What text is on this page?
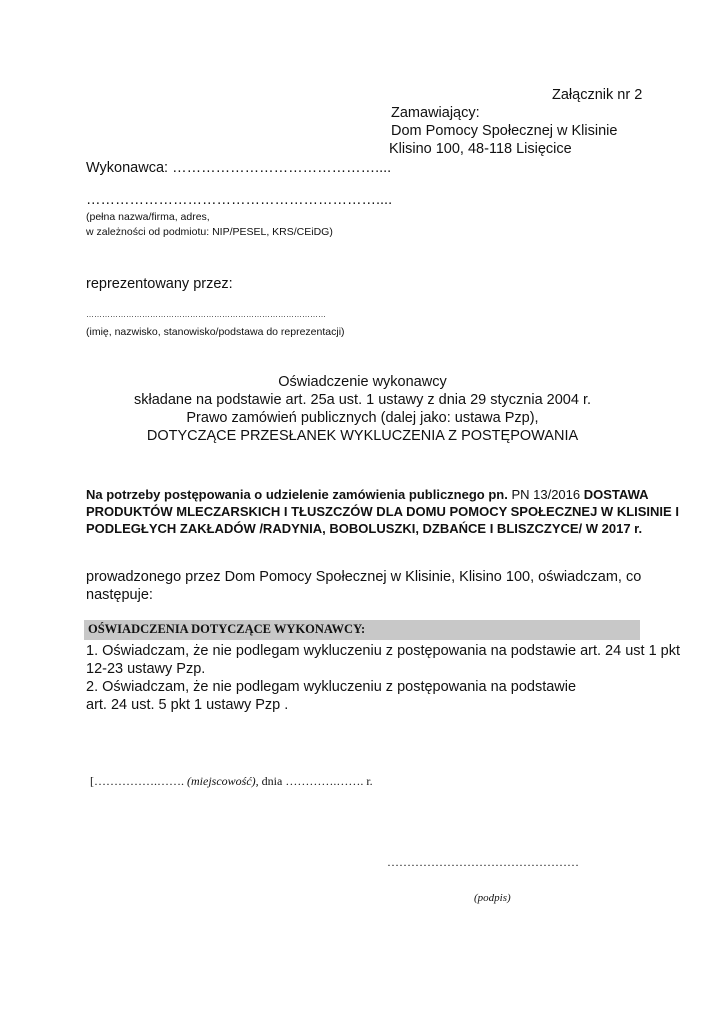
Załącznik nr 2
Zamawiający:
Dom Pomocy Społecznej w Klisinie
Klisino 100, 48-118 Lisięcice
Wykonawca: ……………………………………....
……………………………………………………....
(pełna nazwa/firma, adres,
w zależności od podmiotu: NIP/PESEL, KRS/CEiDG)
reprezentowany przez:
………………………………………………………………………………
(imię, nazwisko, stanowisko/podstawa do reprezentacji)
Oświadczenie wykonawcy
składane na podstawie art. 25a ust. 1 ustawy z dnia 29 stycznia 2004 r.
Prawo zamówień publicznych (dalej jako: ustawa Pzp),
DOTYCZĄCE PRZESŁANEK WYKLUCZENIA Z POSTĘPOWANIA
Na potrzeby postępowania o udzielenie zamówienia publicznego pn. PN 13/2016 DOSTAWA
PRODUKTÓW MLECZARSKICH I TŁUSZCZÓW DLA DOMU POMOCY SPOŁECZNEJ W KLISINIE I
PODLEGŁYCH ZAKŁADÓW /RADYNIA, BOBOLUSZKI, DZBAŃCE I BLISZCZYCE/ W 2017 r.
prowadzonego przez Dom Pomocy Społecznej w Klisinie, Klisino 100, oświadczam, co
następuje:
OŚWIADCZENIA DOTYCZĄCE WYKONAWCY:
1. Oświadczam, że nie podlegam wykluczeniu z postępowania na podstawie art. 24 ust 1 pkt
12-23 ustawy Pzp.
2. Oświadczam, że nie podlegam wykluczeniu z postępowania na podstawie
art. 24 ust. 5 pkt 1 ustawy Pzp .
[…………….……. (miejscowość), dnia ………….……. r.
…………………………………………
(podpis)
